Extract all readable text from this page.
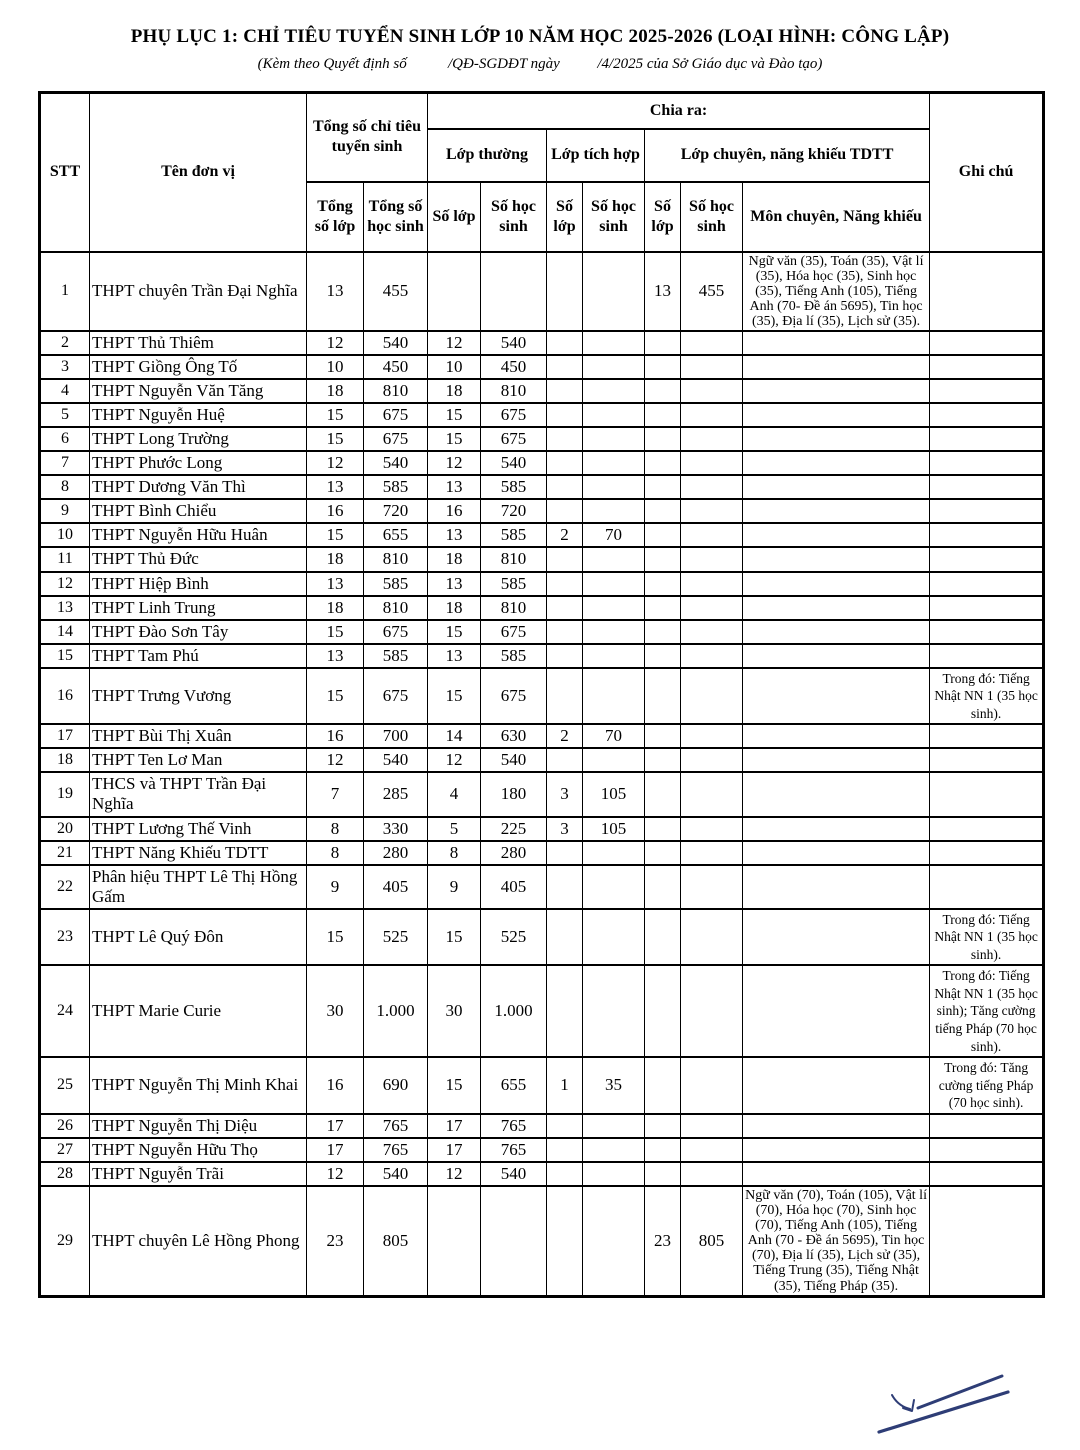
PHỤ LỤC 1: CHỈ TIÊU TUYỂN SINH LỚP 10 NĂM HỌC 2025-2026 (LOẠI HÌNH: CÔNG LẬP)
(Kèm theo Quyết định số           /QĐ-SGDĐT ngày          /4/2025 của Sở Giáo dục và Đào tạo)
STT	Tên đơn vị	Tổng số chỉ tiêu tuyển sinh		Chia ra:							Ghi chú
				Lớp thường		Lớp tích hợp		Lớp chuyên, năng khiếu TDTT			
		Tổng số lớp	Tổng số học sinh	Số lớp	Số học sinh	Số lớp	Số học sinh	Số lớp	Số học sinh	Môn chuyên, Năng khiếu	
1	THPT chuyên Trần Đại Nghĩa	13	455					13	455	Ngữ văn (35), Toán (35), Vật lí (35), Hóa học (35), Sinh học (35), Tiếng Anh (105), Tiếng Anh (70- Đề án 5695), Tin học (35), Địa lí (35), Lịch sử (35).	
2	THPT Thủ Thiêm	12	540	12	540						
3	THPT Giồng Ông Tố	10	450	10	450						
4	THPT Nguyễn Văn Tăng	18	810	18	810						
5	THPT Nguyễn Huệ	15	675	15	675						
6	THPT Long Trường	15	675	15	675						
7	THPT Phước Long	12	540	12	540						
8	THPT Dương Văn Thì	13	585	13	585						
9	THPT Bình Chiểu	16	720	16	720						
10	THPT Nguyễn Hữu Huân	15	655	13	585	2	70				
11	THPT Thủ Đức	18	810	18	810						
12	THPT Hiệp Bình	13	585	13	585						
13	THPT Linh Trung	18	810	18	810						
14	THPT Đào Sơn Tây	15	675	15	675						
15	THPT Tam Phú	13	585	13	585						
16	THPT Trưng Vương	15	675	15	675						Trong đó: Tiếng Nhật NN 1 (35 học sinh).
17	THPT Bùi Thị Xuân	16	700	14	630	2	70				
18	THPT Ten Lơ Man	12	540	12	540						
19	THCS và THPT Trần Đại Nghĩa	7	285	4	180	3	105				
20	THPT Lương Thế Vinh	8	330	5	225	3	105				
21	THPT Năng Khiếu TDTT	8	280	8	280						
22	Phân hiệu THPT Lê Thị Hồng Gấm	9	405	9	405						
23	THPT Lê Quý Đôn	15	525	15	525						Trong đó: Tiếng Nhật NN 1 (35 học sinh).
24	THPT Marie Curie	30	1.000	30	1.000						Trong đó: Tiếng Nhật NN 1 (35 học sinh); Tăng cường tiếng Pháp (70 học sinh).
25	THPT Nguyễn Thị Minh Khai	16	690	15	655	1	35				Trong đó: Tăng cường tiếng Pháp (70 học sinh).
26	THPT Nguyễn Thị Diệu	17	765	17	765						
27	THPT Nguyễn Hữu Thọ	17	765	17	765						
28	THPT Nguyễn Trãi	12	540	12	540						
29	THPT chuyên Lê Hồng Phong	23	805					23	805	Ngữ văn (70), Toán (105), Vật lí (70), Hóa học (70), Sinh học (70), Tiếng Anh (105), Tiếng Anh (70 - Đề án 5695), Tin học (70), Địa lí (35), Lịch sử (35), Tiếng Trung (35), Tiếng Nhật (35), Tiếng Pháp (35).	
